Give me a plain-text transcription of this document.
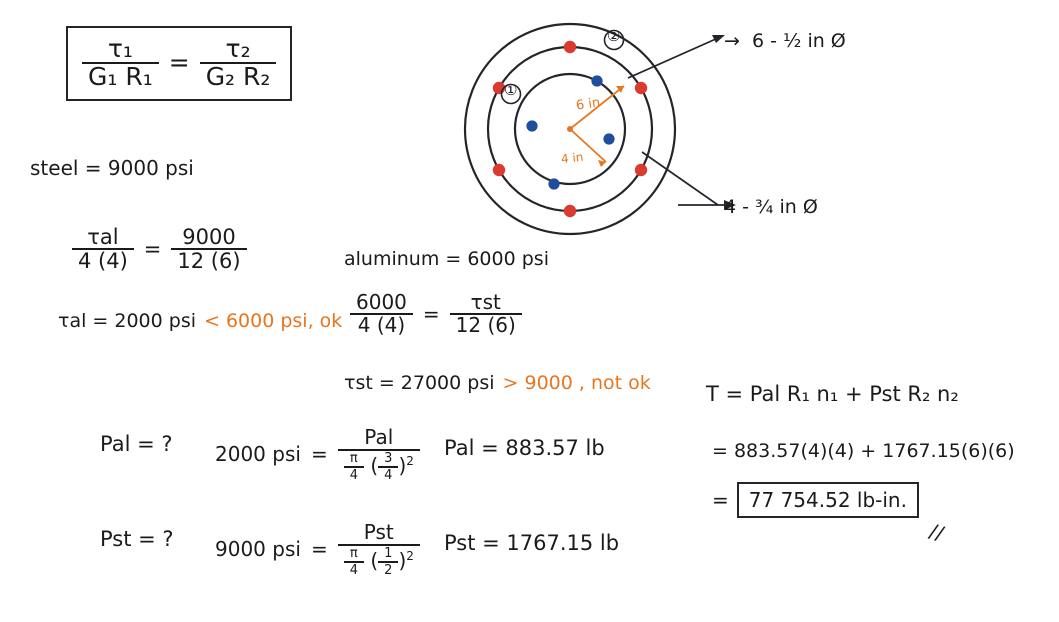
$\frac{\text{τ₁}}{\text{G₁ R₁}} = \frac{\text{τ₂}}{\text{G₂ R₂}}$	②
①
6 in
4 in
→ 6 - ½ in Ø
4 - ¾ in Ø
steel = 9000 psi
$\frac{\text{τal}}{4 (4)} = \frac{9000}{12 (6)}$
τal = 2000 psi < 6000 psi, ok
aluminum = 6000 psi
$\frac{6000}{4 (4)} = \frac{\text{τst}}{12 (6)}$
τst = 27000 psi > 9000 , not ok
Pal = ? 2000 psi =
Pal
$\frac{\pi}{4}$ ( $\frac{3}{4} )^2$
Pal = 883.57 lb
Pst = ? 9000 psi =
Pst
$\frac{\pi}{4}$ ( $\frac{1}{2} )^2$
Pst = 1767.15 lb
T = Pal R₁ n₁ + Pst R₂ n₂
= 883.57(4)(4) + 1767.15(6)(6)
=	77 754.52 lb-in.
//
